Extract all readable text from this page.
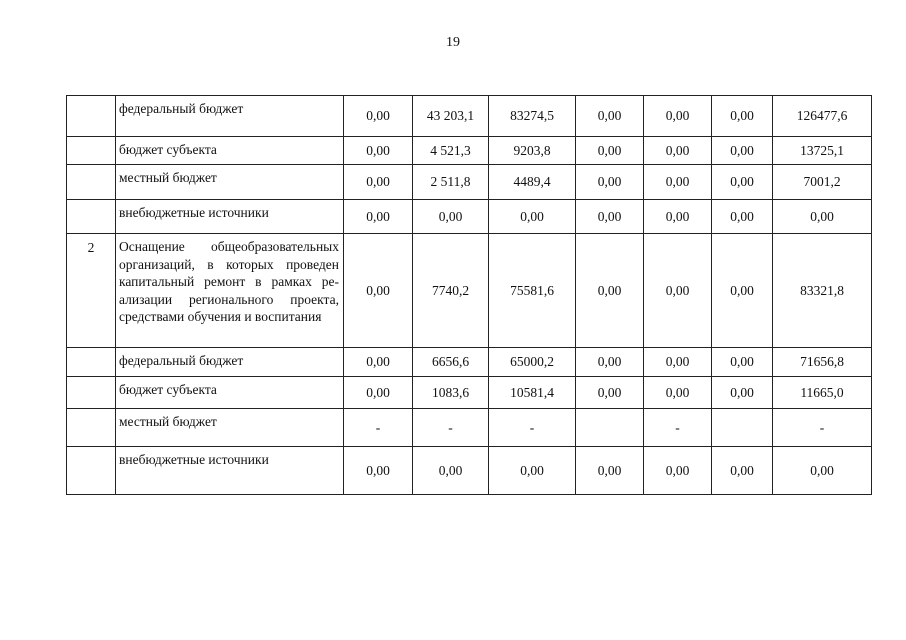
19
	федеральный бюджет	0,00	43 203,1	83274,5	0,00	0,00	0,00	126477,6
	бюджет субъекта	0,00	4 521,3	9203,8	0,00	0,00	0,00	13725,1
	местный бюджет	0,00	2 511,8	4489,4	0,00	0,00	0,00	7001,2
	внебюджетные источники	0,00	0,00	0,00	0,00	0,00	0,00	0,00
2	Оснащение общеобразовательных организаций, в которых проведен капитальный ремонт в рамках реализации регионального проекта, средствами обучения и воспитания	0,00	7740,2	75581,6	0,00	0,00	0,00	83321,8
	федеральный бюджет	0,00	6656,6	65000,2	0,00	0,00	0,00	71656,8
	бюджет субъекта	0,00	1083,6	10581,4	0,00	0,00	0,00	11665,0
	местный бюджет	-	-	-		-		-
	внебюджетные источники	0,00	0,00	0,00	0,00	0,00	0,00	0,00
